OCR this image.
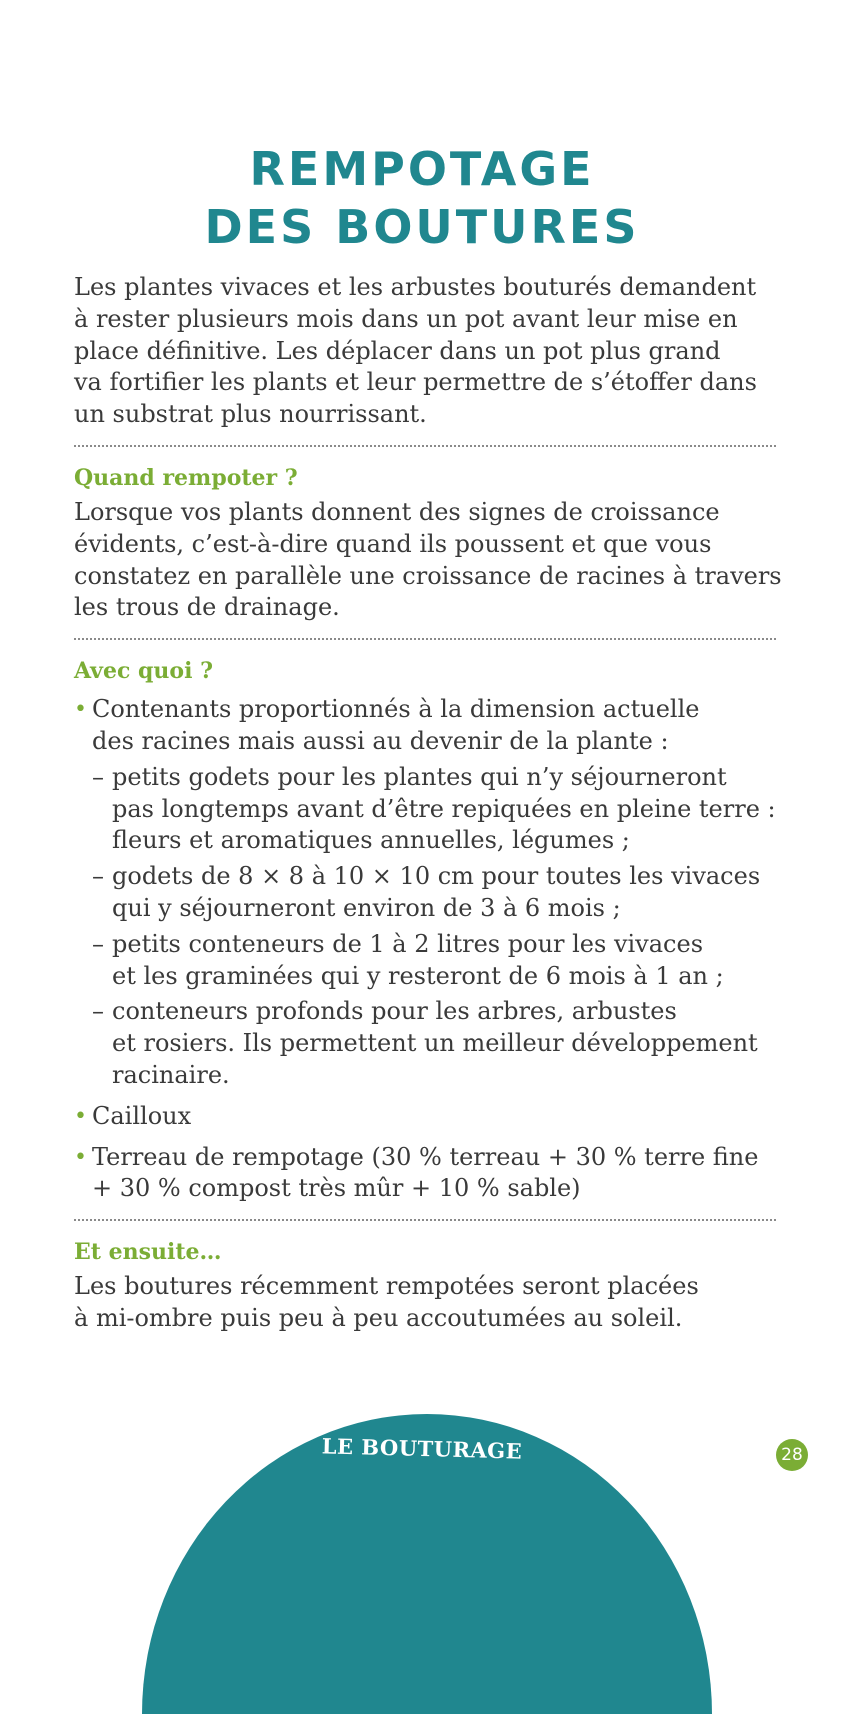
REMPOTAGE
DES BOUTURES

Les plantes vivaces et les arbustes bouturés demandent
à rester plusieurs mois dans un pot avant leur mise en
place définitive. Les déplacer dans un pot plus grand
va fortifier les plants et leur permettre de s’étoffer dans
un substrat plus nourrissant.

Quand rempoter ?

Lorsque vos plants donnent des signes de croissance
évidents, c’est-à-dire quand ils poussent et que vous
constatez en parallèle une croissance de racines à travers
les trous de drainage.

Avec quoi ?
• Contenants proportionnés à la dimension actuelle
des racines mais aussi au devenir de la plante :
– petits godets pour les plantes qui n’y séjourneront
pas longtemps avant d’être repiquées en pleine terre :
fleurs et aromatiques annuelles, légumes ;
– godets de 8 × 8 à 10 × 10 cm pour toutes les vivaces
qui y séjourneront environ de 3 à 6 mois ;
– petits conteneurs de 1 à 2 litres pour les vivaces
et les graminées qui y resteront de 6 mois à 1 an ;
– conteneurs profonds pour les arbres, arbustes
et rosiers. Ils permettent un meilleur développement
racinaire.
• Cailloux
• Terreau de rempotage (30 % terreau + 30 % terre fine
+ 30 % compost très mûr + 10 % sable)
Et ensuite…

Les boutures récemment rempotées seront placées
à mi-ombre puis peu à peu accoutumées au soleil.

LE BOUTURAGE	28
